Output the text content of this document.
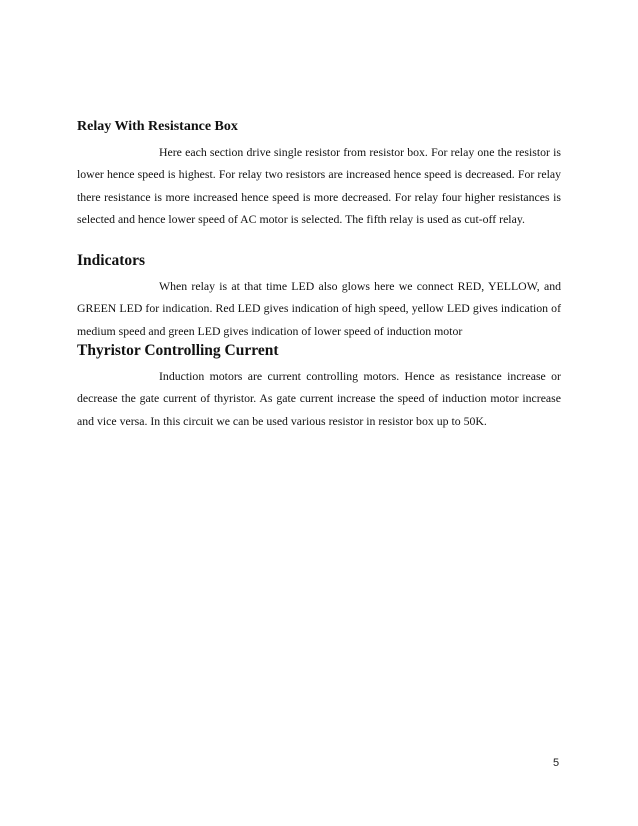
Relay With Resistance Box

Here each section drive single resistor from resistor box. For relay one the resistor is lower hence speed is highest. For relay two resistors are increased hence speed is decreased. For relay there resistance is more increased hence speed is more decreased. For relay four higher resistances is selected and hence lower speed of AC motor is selected. The fifth relay is used as cut-off relay.

Indicators

When relay is at that time LED also glows here we connect RED, YELLOW, and GREEN LED for indication. Red LED gives indication of high speed, yellow LED gives indication of medium speed and green LED gives indication of lower speed of induction motor

Thyristor Controlling Current

Induction motors are current controlling motors. Hence as resistance increase or decrease the gate current of thyristor. As gate current increase the speed of induction motor increase and vice versa. In this circuit we can be used various resistor in resistor box up to 50K.

5
